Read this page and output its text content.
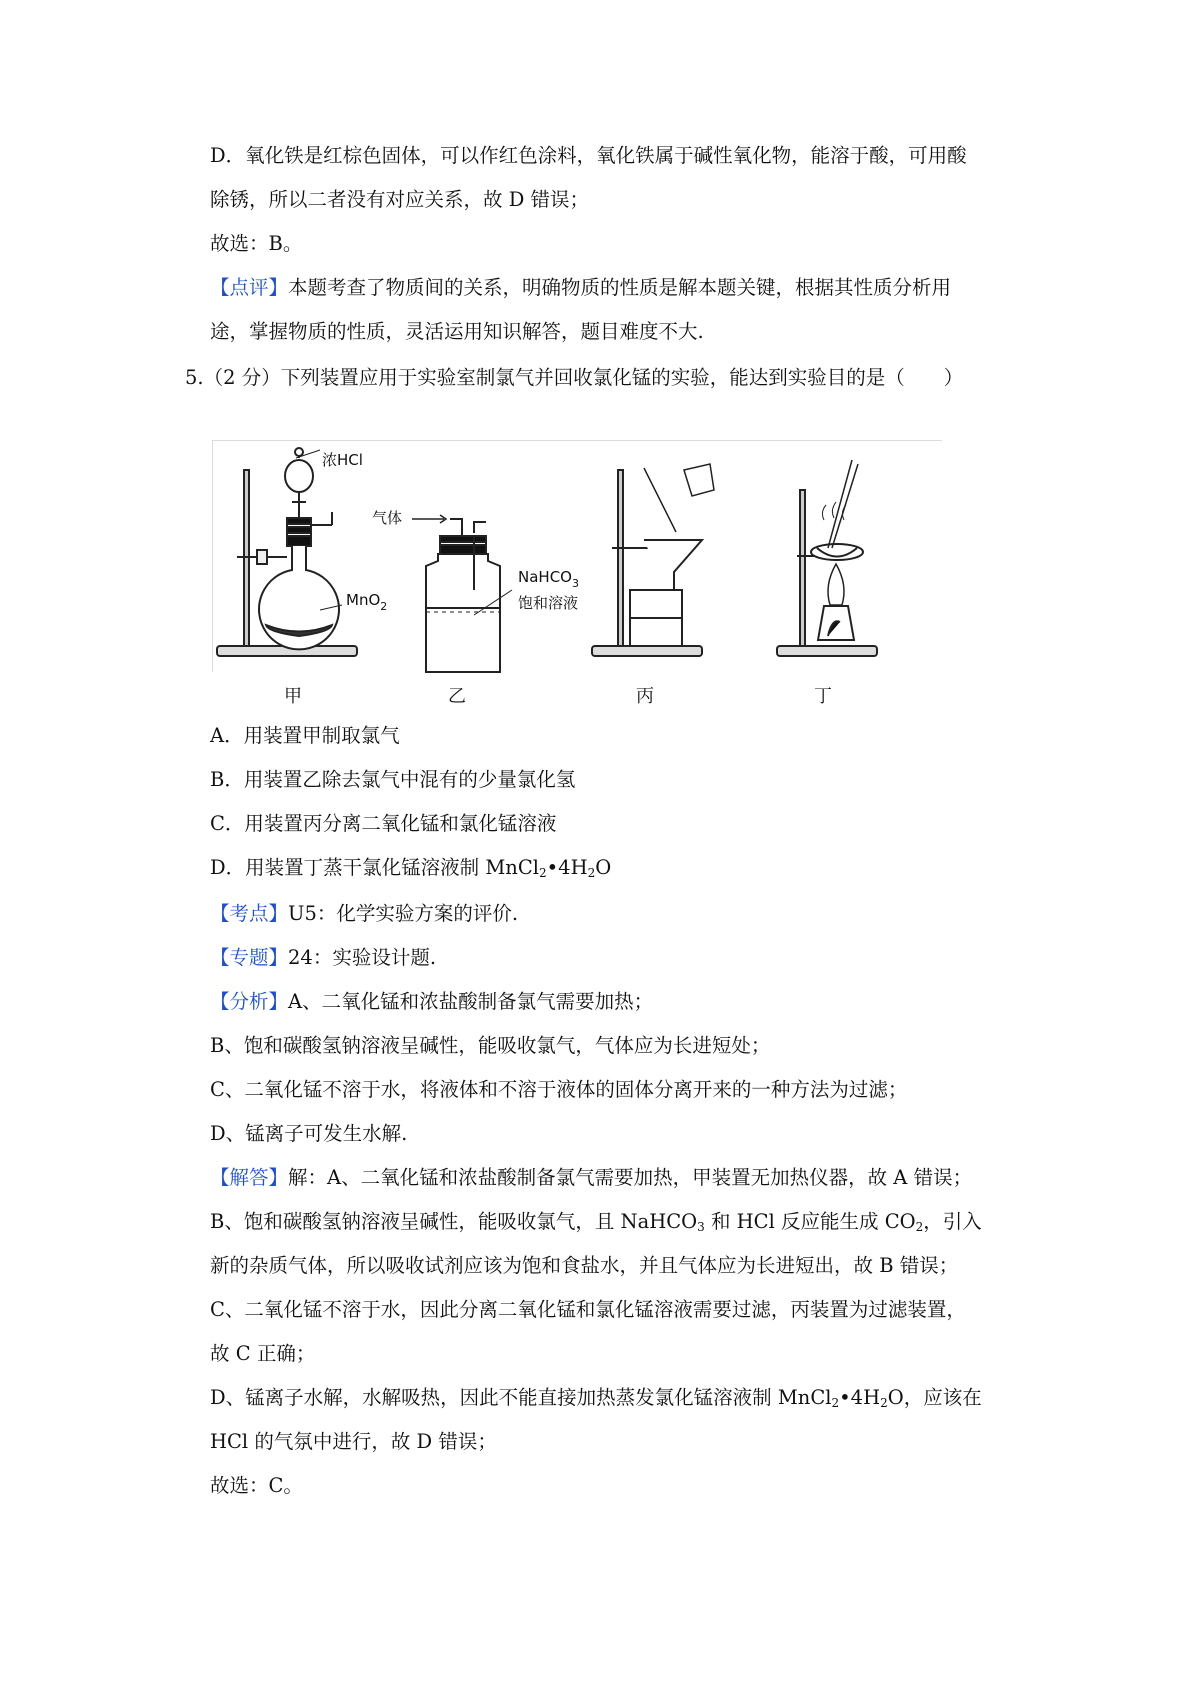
D．氧化铁是红棕色固体，可以作红色涂料，氧化铁属于碱性氧化物，能溶于酸，可用酸
除锈，所以二者没有对应关系，故 D 错误；
故选：B。
【点评】本题考查了物质间的关系，明确物质的性质是解本题关键，根据其性质分析用
途，掌握物质的性质，灵活运用知识解答，题目难度不大.
5.（2 分）下列装置应用于实验室制氯气并回收氯化锰的实验，能达到实验目的是（　　）
浓HCl
MnO$_2$
气体
NaHCO$_3$
饱和溶液
甲	乙	丙	丁
A．用装置甲制取氯气
B．用装置乙除去氯气中混有的少量氯化氢
C．用装置丙分离二氧化锰和氯化锰溶液
D．用装置丁蒸干氯化锰溶液制 $MnCl_2•4H_2O$
【考点】U5：化学实验方案的评价.
【专题】24：实验设计题.
【分析】A、二氧化锰和浓盐酸制备氯气需要加热；
B、饱和碳酸氢钠溶液呈碱性，能吸收氯气，气体应为长进短处；
C、二氧化锰不溶于水，将液体和不溶于液体的固体分离开来的一种方法为过滤；
D、锰离子可发生水解.
【解答】解：A、二氧化锰和浓盐酸制备氯气需要加热，甲装置无加热仪器，故 A 错误；
B、饱和碳酸氢钠溶液呈碱性，能吸收氯气，且 NaHCO$_3$ 和 HCl 反应能生成 $CO_2$，引入
新的杂质气体，所以吸收试剂应该为饱和食盐水，并且气体应为长进短出，故 B 错误；
C、二氧化锰不溶于水，因此分离二氧化锰和氯化锰溶液需要过滤，丙装置为过滤装置，
故 C 正确；
D、锰离子水解，水解吸热，因此不能直接加热蒸发氯化锰溶液制 $MnCl_2•4H_2O$，应该在
HCl 的气氛中进行，故 D 错误；
故选：C。
